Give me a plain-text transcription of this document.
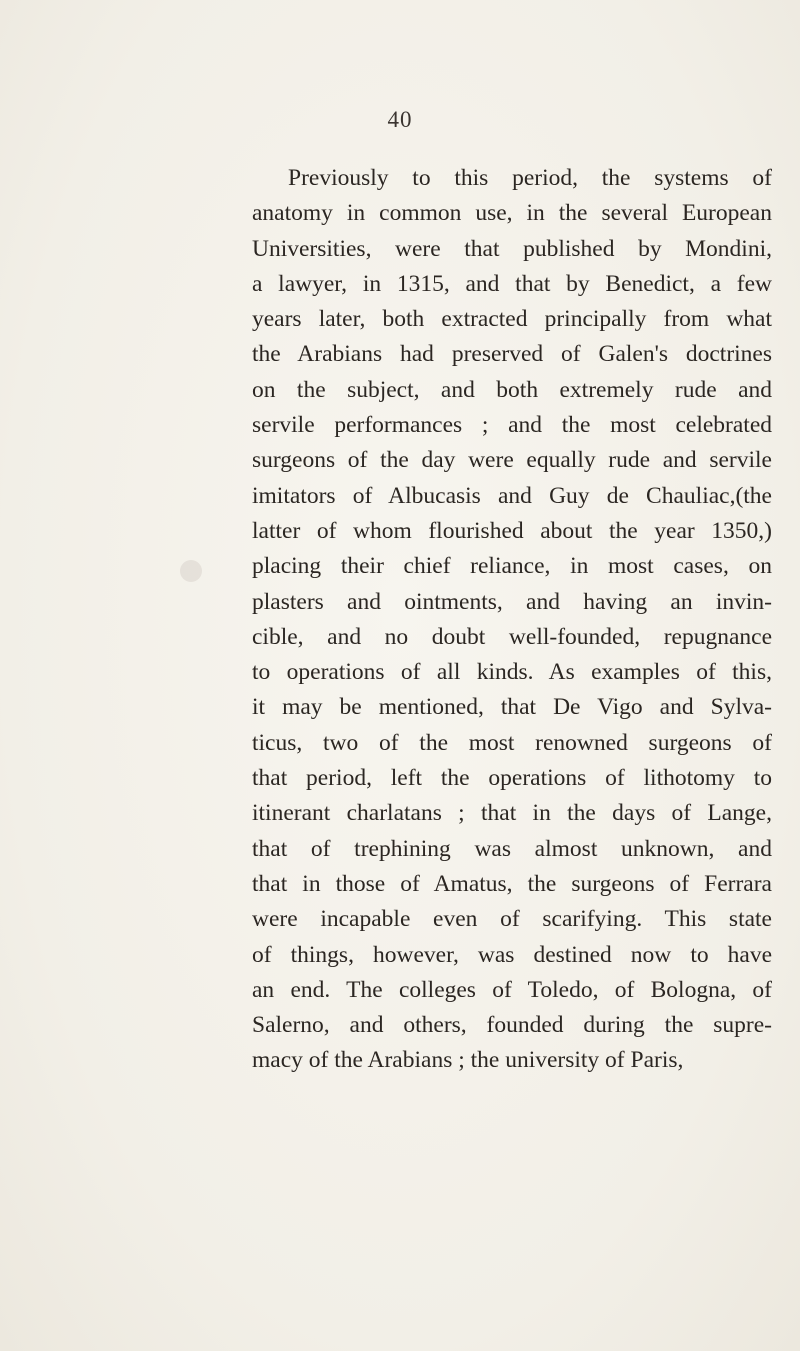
40
Previously to this period, the systems of
anatomy in common use, in the several European
Universities, were that published by Mondini,
a lawyer, in 1315, and that by Benedict, a few
years later, both extracted principally from what
the Arabians had preserved of Galen's doctrines
on the subject, and both extremely rude and
servile performances ; and the most celebrated
surgeons of the day were equally rude and servile
imitators of Albucasis and Guy de Chauliac,(the
latter of whom flourished about the year 1350,)
placing their chief reliance, in most cases, on
plasters and ointments, and having an invin-
cible, and no doubt well-founded, repugnance
to operations of all kinds. As examples of this,
it may be mentioned, that De Vigo and Sylva-
ticus, two of the most renowned surgeons of
that period, left the operations of lithotomy to
itinerant charlatans ; that in the days of Lange,
that of trephining was almost unknown, and
that in those of Amatus, the surgeons of Ferrara
were incapable even of scarifying. This state
of things, however, was destined now to have
an end. The colleges of Toledo, of Bologna, of
Salerno, and others, founded during the supre-
macy of the Arabians ; the university of Paris,
